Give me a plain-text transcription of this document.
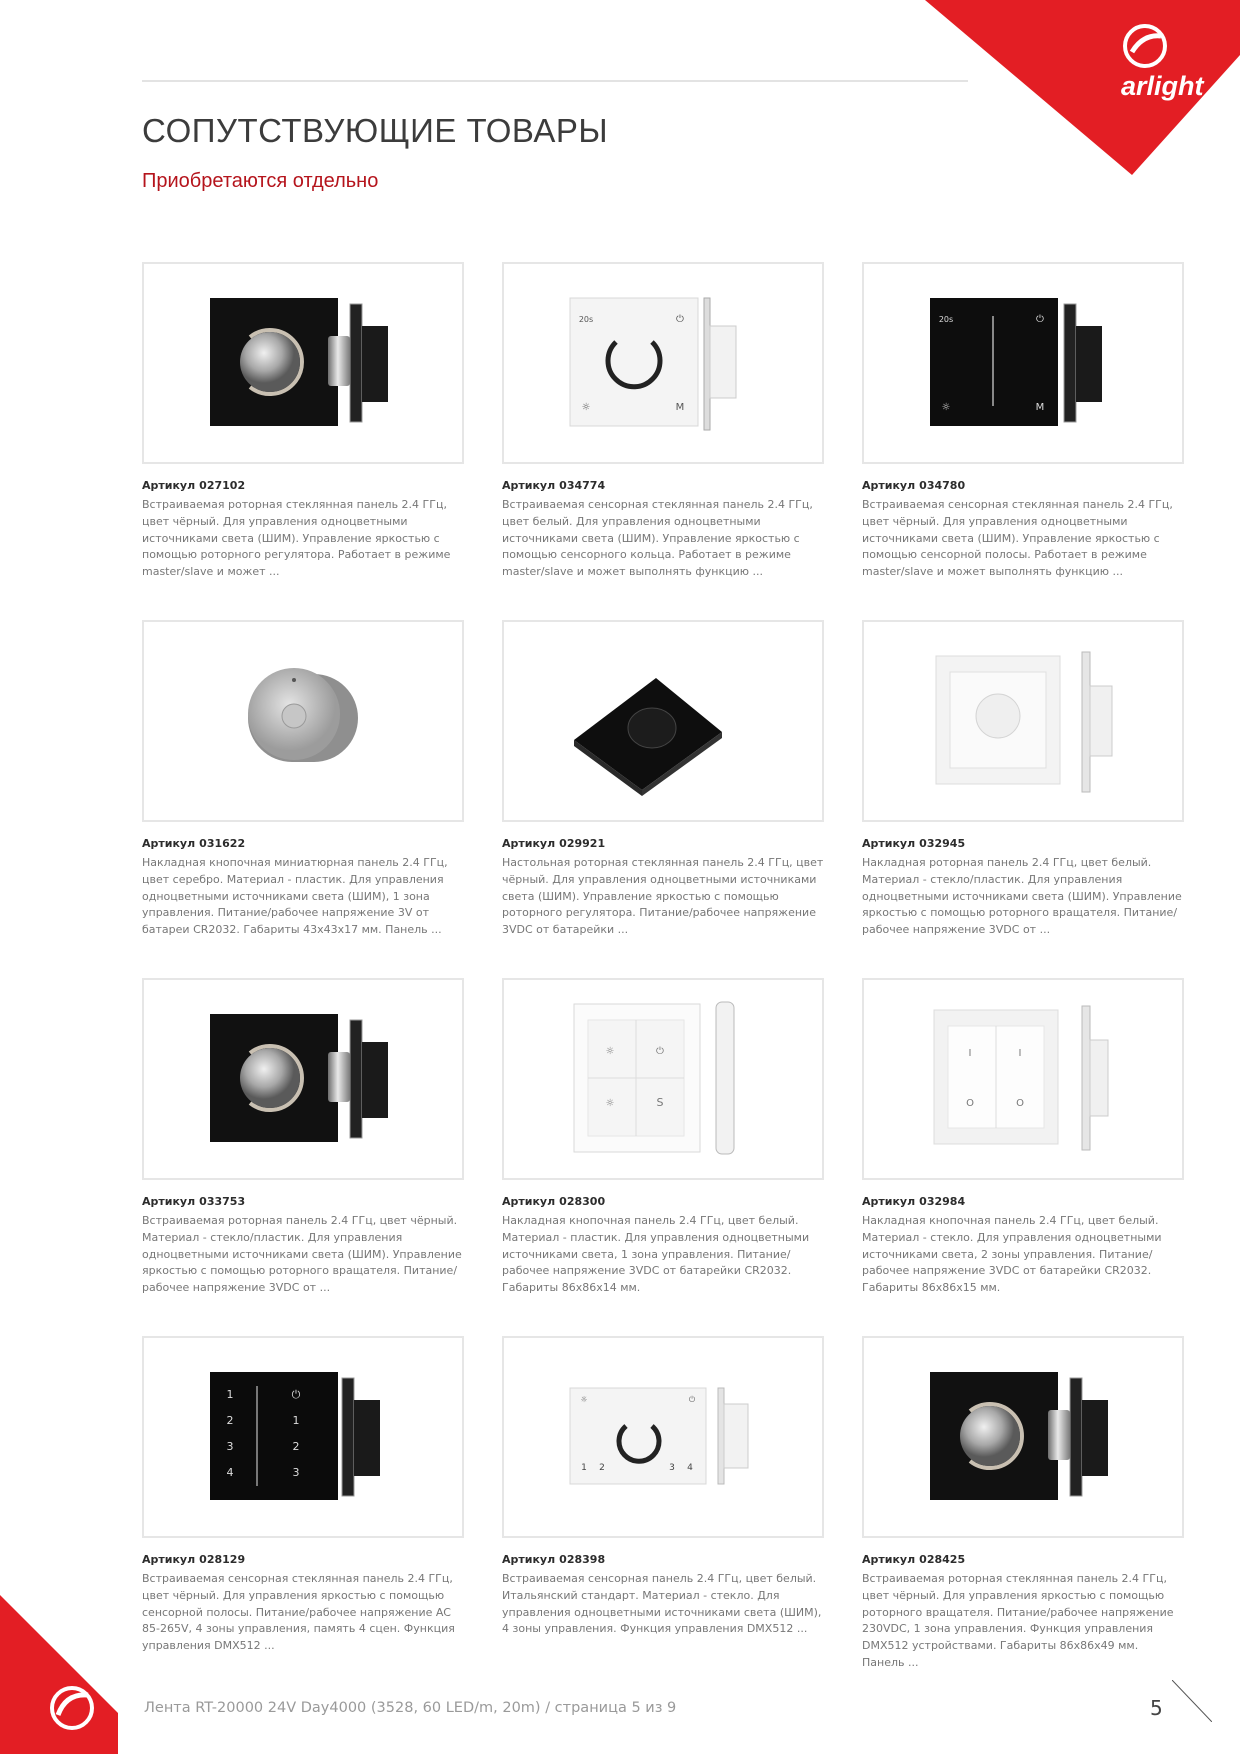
arlight
СОПУТСТВУЮЩИЕ ТОВАРЫ
Приобретаются отдельно
Артикул 027102

Встраиваемая роторная стеклянная панель 2.4 ГГц, цвет чёрный. Для управления одноцветными источниками света (ШИМ). Управление яркостью с помощью роторного регулятора. Работает в режиме master/slave и может ...

20s	⏻
☼	M
Артикул 034774

Встраиваемая сенсорная стеклянная панель 2.4 ГГц, цвет белый. Для управления одноцветными источниками света (ШИМ). Управление яркостью с помощью сенсорного кольца. Работает в режиме master/slave и может выполнять функцию ...

20s	⏻
☼	M
Артикул 034780

Встраиваемая сенсорная стеклянная панель 2.4 ГГц, цвет чёрный. Для управления одноцветными источниками света (ШИМ). Управление яркостью с помощью сенсорной полосы. Работает в режиме master/slave и может выполнять функцию ...

Артикул 031622

Накладная кнопочная миниатюрная панель 2.4 ГГц, цвет серебро. Материал - пластик. Для управления одноцветными источниками света (ШИМ), 1 зона управления. Питание/рабочее напряжение 3V от батареи CR2032. Габариты 43x43x17 мм. Панель ...

Артикул 029921

Настольная роторная стеклянная панель 2.4 ГГц, цвет чёрный. Для управления одноцветными источниками света (ШИМ). Управление яркостью с помощью роторного регулятора. Питание/рабочее напряжение 3VDC от батарейки ...

Артикул 032945

Накладная роторная панель 2.4 ГГц, цвет белый. Материал - стекло/пластик. Для управления одноцветными источниками света (ШИМ). Управление яркостью с помощью роторного вращателя. Питание/рабочее напряжение 3VDC от ...

Артикул 033753

Встраиваемая роторная панель 2.4 ГГц, цвет чёрный. Материал - стекло/пластик. Для управления одноцветными источниками света (ШИМ). Управление яркостью с помощью роторного вращателя. Питание/рабочее напряжение 3VDC от ...

☼	⏻
☼	S
Артикул 028300

Накладная кнопочная панель 2.4 ГГц, цвет белый. Материал - пластик. Для управления одноцветными источниками света, 1 зона управления. Питание/рабочее напряжение 3VDC от батарейки CR2032. Габариты 86x86x14 мм.

I	I
O	O
Артикул 032984

Накладная кнопочная панель 2.4 ГГц, цвет белый. Материал - стекло. Для управления одноцветными источниками света, 2 зоны управления. Питание/рабочее напряжение 3VDC от батарейки CR2032. Габариты 86x86x15 мм.

1
2
3
4
⏻
1
2
3
Артикул 028129

Встраиваемая сенсорная стеклянная панель 2.4 ГГц, цвет чёрный. Для управления яркостью с помощью сенсорной полосы. Питание/рабочее напряжение AC 85-265V, 4 зоны управления, память 4 сцен. Функция управления DMX512 ...

☼	⏻
1 2	3 4
Артикул 028398

Встраиваемая сенсорная панель 2.4 ГГц, цвет белый. Итальянский стандарт. Материал - стекло. Для управления одноцветными источниками света (ШИМ), 4 зоны управления. Функция управления DMX512 ...

Артикул 028425

Встраиваемая роторная стеклянная панель 2.4 ГГц, цвет чёрный. Для управления яркостью с помощью роторного вращателя. Питание/рабочее напряжение 230VDC, 1 зона управления. Функция управления DMX512 устройствами. Габариты 86x86x49 мм. Панель ...

Лента RT-20000 24V Day4000 (3528, 60 LED/m, 20m) / страница 5 из 9	5
